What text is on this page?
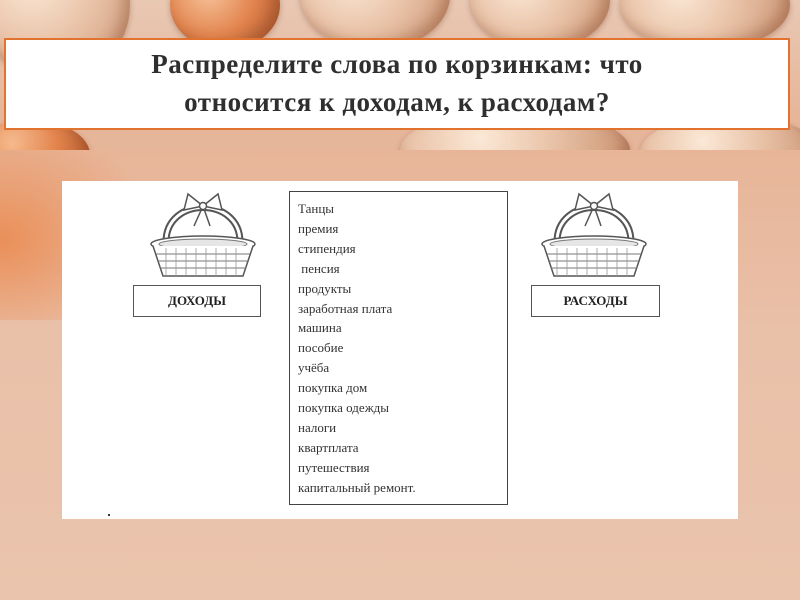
Распределите слова по корзинкам: что
относится к доходам, к расходам?
ДОХОДЫ	РАСХОДЫ
Танцы
премия
стипендия
пенсия
продукты
заработная плата
машина
пособие
учёба
покупка дом
покупка одежды
налоги
квартплата
путешествия
капитальный ремонт.
